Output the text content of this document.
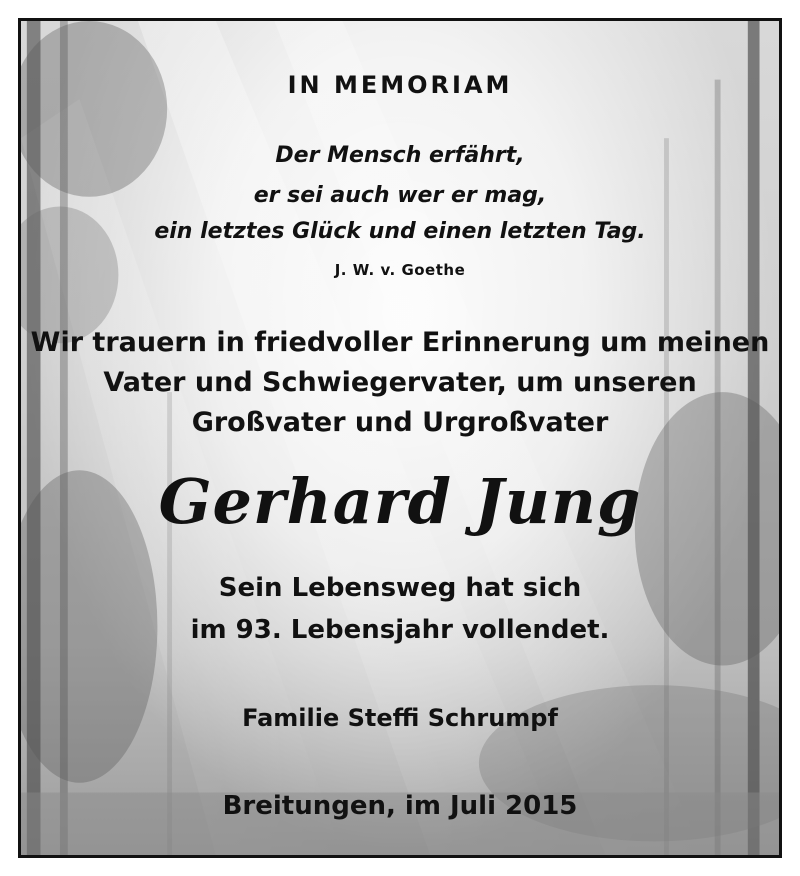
IN MEMORIAM
Der Mensch erfährt,
er sei auch wer er mag,
ein letztes Glück und einen letzten Tag.
J. W. v. Goethe
Wir trauern in friedvoller Erinnerung um meinen
Vater und Schwiegervater, um unseren
Großvater und Urgroßvater
Gerhard Jung
Sein Lebensweg hat sich
im 93. Lebensjahr vollendet.
Familie Steffi Schrumpf
Breitungen, im Juli 2015
